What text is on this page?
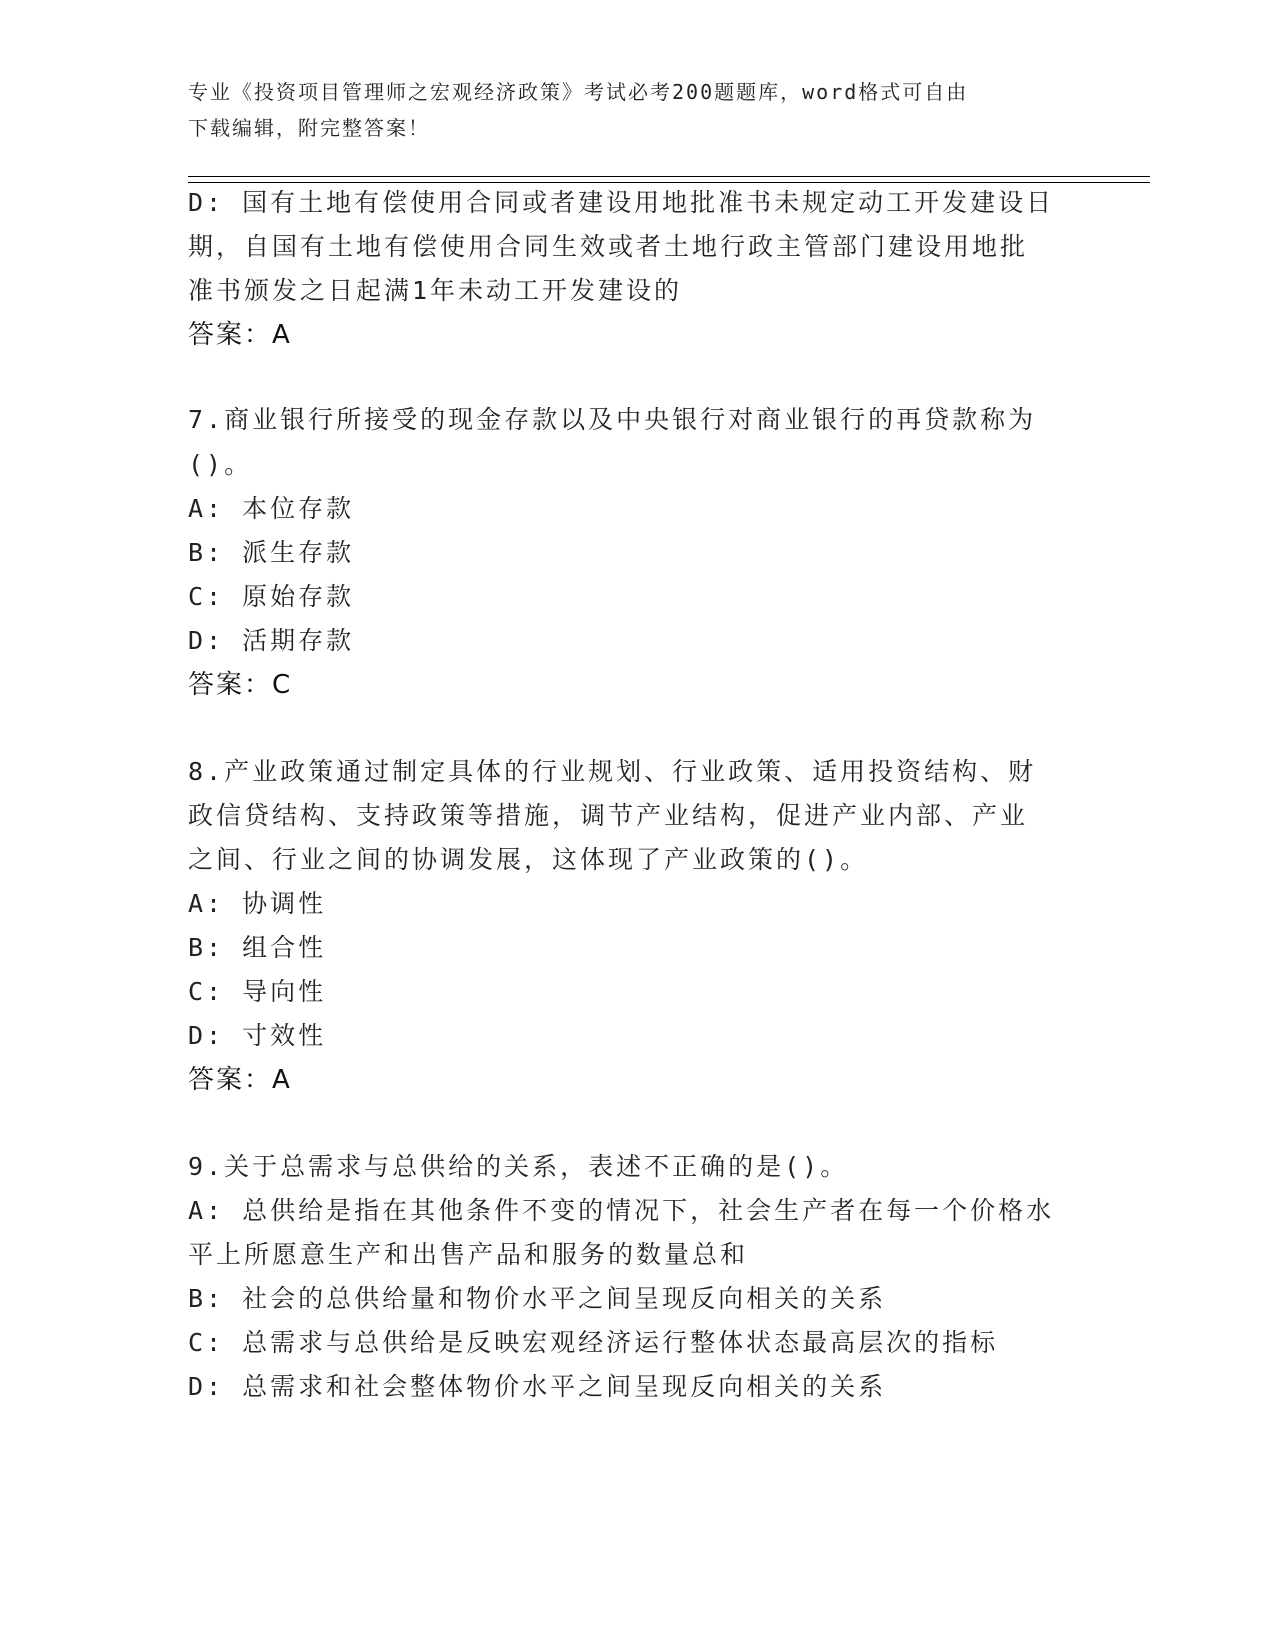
专业《投资项目管理师之宏观经济政策》考试必考200题题库，word格式可自由
下载编辑，附完整答案！
D: 国有土地有偿使用合同或者建设用地批准书未规定动工开发建设日
期，自国有土地有偿使用合同生效或者土地行政主管部门建设用地批
准书颁发之日起满1年未动工开发建设的
7.商业银行所接受的现金存款以及中央银行对商业银行的再贷款称为
()。
A: 本位存款
B: 派生存款
C: 原始存款
D: 活期存款
8.产业政策通过制定具体的行业规划、行业政策、适用投资结构、财
政信贷结构、支持政策等措施，调节产业结构，促进产业内部、产业
之间、行业之间的协调发展，这体现了产业政策的()。
A: 协调性
B: 组合性
C: 导向性
D: 寸效性
9.关于总需求与总供给的关系，表述不正确的是()。
A: 总供给是指在其他条件不变的情况下，社会生产者在每一个价格水
平上所愿意生产和出售产品和服务的数量总和
B: 社会的总供给量和物价水平之间呈现反向相关的关系
C: 总需求与总供给是反映宏观经济运行整体状态最高层次的指标
D: 总需求和社会整体物价水平之间呈现反向相关的关系
答案：A
答案：C
答案：A
